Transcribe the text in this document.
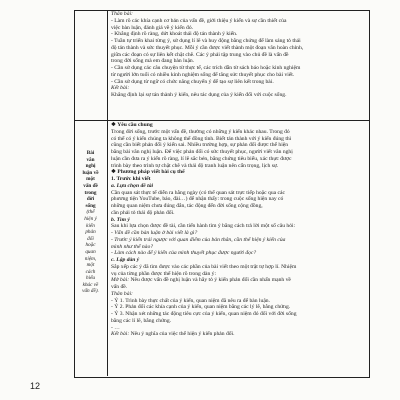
Thân bài:
- Làm rõ các khía cạnh cơ bản của vấn đề, giới thiệu ý kiến và sự cần thiết của
việc bàn luận, đánh giá về ý kiến đó.
- Khẳng định rõ ràng, dứt khoát thái độ tán thành ý kiến.
- Tuần tự triển khai từng ý, sử dụng lí lẽ và huy động bằng chứng để làm sáng tỏ thái
độ tán thành và sức thuyết phục. Mỗi ý cần được viết thành một đoạn văn hoàn chỉnh,
giữa các đoạn có sự liên kết chặt chẽ. Các ý phải tập trung vào chủ đề là vấn đề
trong đời sống mà em đang bàn luận.
- Cần sử dụng các câu chuyện từ thực tế, các trích dẫn từ sách báo hoặc kinh nghiệm
từ người lớn tuổi có nhiều kinh nghiệm sống để tăng sức thuyết phục cho bài viết.
- Cần sử dụng từ ngữ có chức năng chuyển ý để tạo sự liên kết trong bài.
Kết bài:
Khẳng định lại sự tán thành ý kiến, nêu tác dụng của ý kiến đối với cuộc sống.
Bài
văn
nghị
luận về
một
vấn đề
trong
đời
sống
(thể
hiện ý
kiến
phản
đối
hoặc
quan
niệm,
một
cách
hiểu
khác về
vấn đề).
❖ Yêu cầu chung
Trong đời sống, trước một vấn đề, thường có những ý kiến khác nhau. Trong đó
có thể có ý kiến chúng ta không thể đồng tình. Biết tán thành với ý kiến đúng thì
cũng cần biết phản đối ý kiến sai. Nhiều trường hợp, sự phản đối được thể hiện
bằng bài văn nghị luận. Để việc phản đối có sức thuyết phục, người viết văn nghị
luận cần đưa ra ý kiến rõ ràng, lí lẽ sắc bén, bằng chứng tiêu biểu, xác thực được
trình bày theo trình tự chặt chẽ và thái độ tranh luận nên cẩn trọng, lịch sự.
❖ Phương pháp viết bài cụ thể
1. Trước khi viết
a. Lựa chọn đề tài
Cần quan sát thực tế diễn ra hằng ngày (có thể quan sát trực tiếp hoặc qua các
phương tiện YouTube, báo, đài…) để nhận thấy: trong cuộc sống hiện nay có
những quan niệm chưa đúng đắn, tác động đến đời sống cộng đồng,
cần phải tỏ thái độ phản đối.
b. Tìm ý
Sau khi lựa chọn được đề tài, cần tiến hành tìm ý bằng cách trả lời một số câu hỏi:
- Vấn đề cần bàn luận ở bài viết là gì?
- Trước ý kiến trái ngược với quan điểm của bản thân, cần thể hiện ý kiến của
mình như thế nào?
- Làm cách nào để ý kiến của mình thuyết phục được người đọc?
c. Lập dàn ý
Sắp xếp các ý đã tìm được vào các phần của bài viết theo một trật tự hợp lí. Nhiệm
vụ của từng phần được thể hiện rõ trong dàn ý:
Mở bài: Nêu được vấn đề nghị luận và hãy tỏ ý kiến phản đối cần nhấn mạnh về
vấn đề.
Thân bài:
- Ý 1. Trình bày thực chất của ý kiến, quan niệm đã nêu ra để bàn luận.
- Ý 2. Phản đối các khía cạnh của ý kiến, quan niệm bằng các lý lẽ, bằng chứng.
- Ý 3. Nhận xét những tác động tiêu cực của ý kiến, quan niệm đó đối với đời sống
bằng các lí lẽ, bằng chứng.
- …
Kết bài: Nêu ý nghĩa của việc thể hiện ý kiến phản đối.
12
